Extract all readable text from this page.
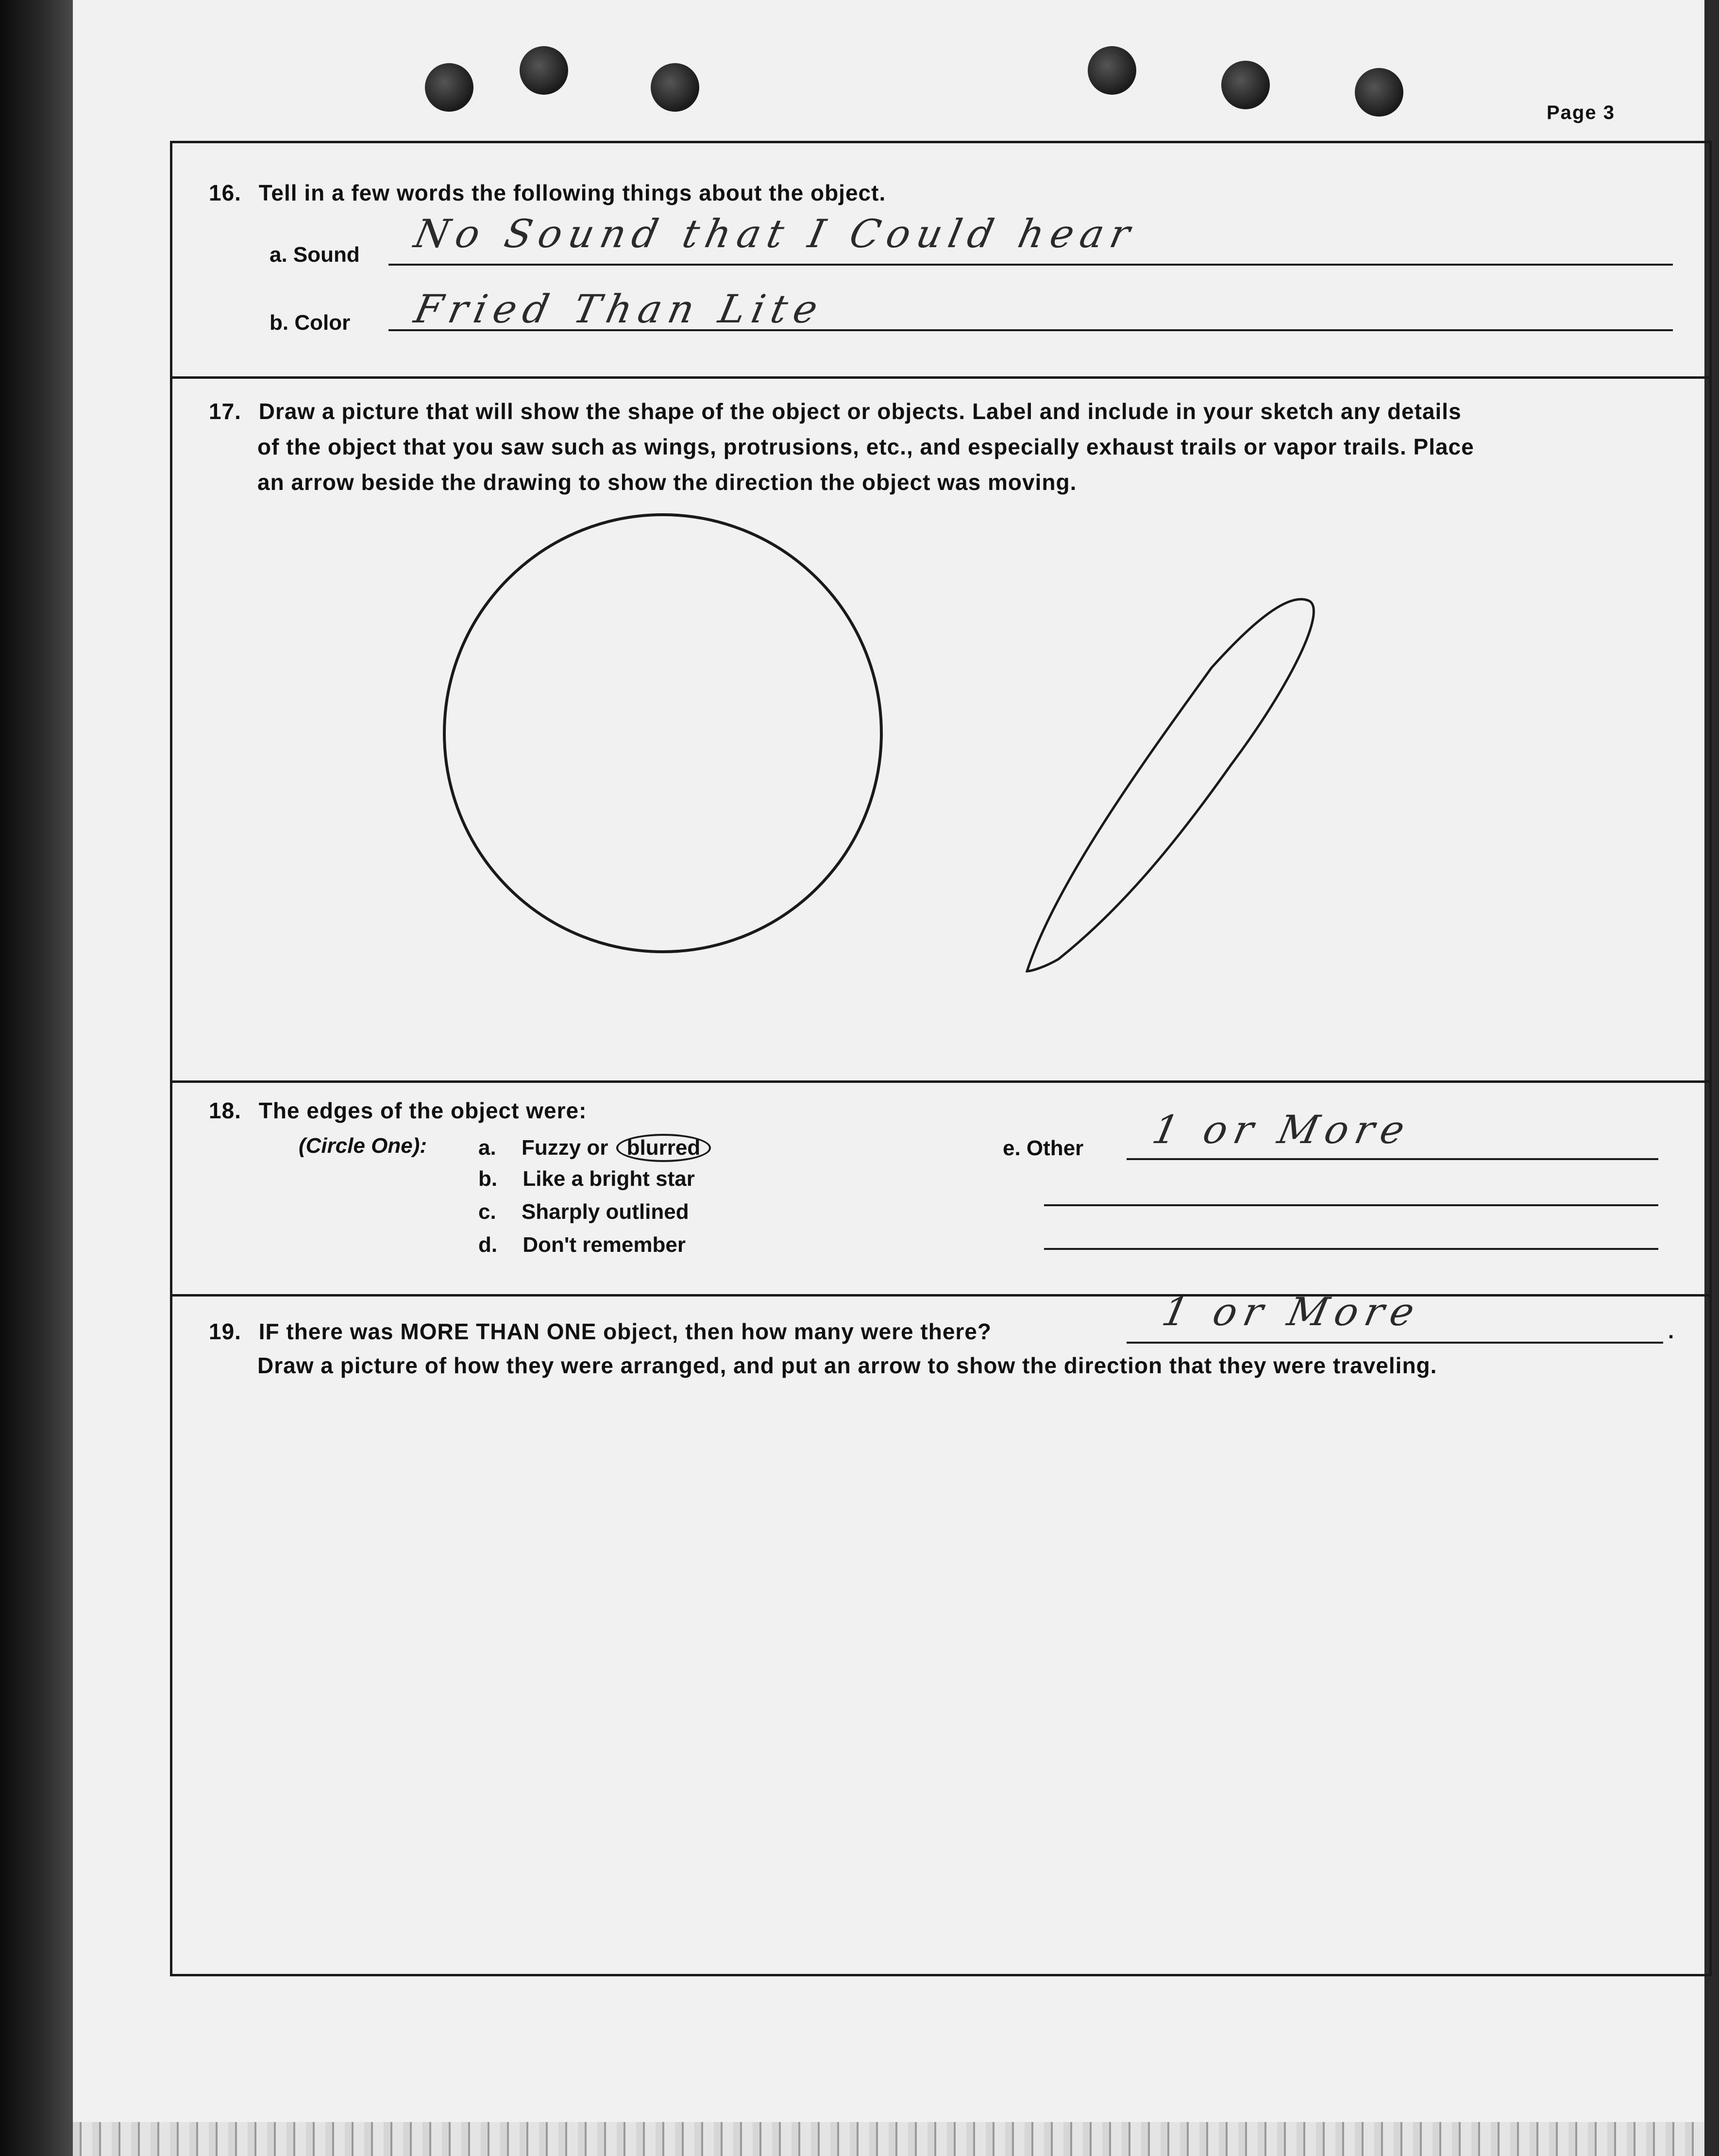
Page 3
16. Tell in a few words the following things about the object.
a. Sound No Sound that I Could hear
b. Color Fried Than Lite
17. Draw a picture that will show the shape of the object or objects. Label and include in your sketch any details
of the object that you saw such as wings, protrusions, etc., and especially exhaust trails or vapor trails. Place
an arrow beside the drawing to show the direction the object was moving.
18. The edges of the object were:
(Circle One): a. Fuzzy or blurred
b. Like a bright star
c. Sharply outlined
d. Don't remember
e. Other 1 or More
19. IF there was MORE THAN ONE object, then how many were there?	1 or More	.
Draw a picture of how they were arranged, and put an arrow to show the direction that they were traveling.
